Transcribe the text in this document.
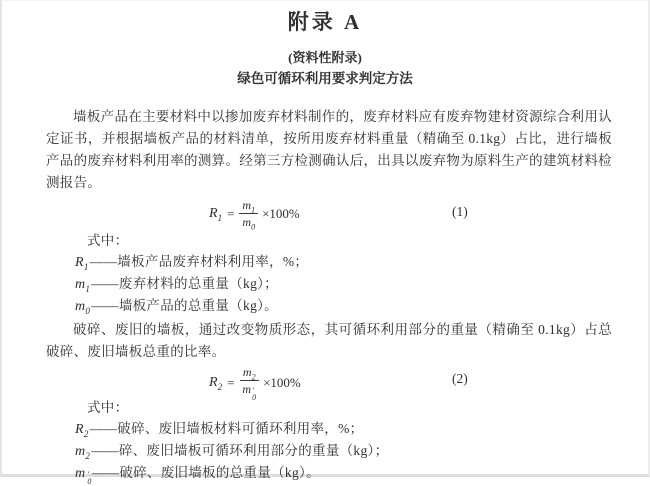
附录 A
(资料性附录)
绿色可循环利用要求判定方法

墙板产品在主要材料中以掺加废弃材料制作的，废弃材料应有废弃物建材资源综合利用认定证书，并根据墙板产品的材料清单，按所用废弃材料重量（精确至 0.1kg）占比，进行墙板产品的废弃材料利用率的测算。经第三方检测确认后，出具以废弃物为原料生产的建筑材料检测报告。

$R_1 = \frac{m_1}{m_0} \times 100\%$	(1)
式中：
$R_1——$墙板产品废弃材料利用率，%；
$m_1——$废弃材料的总重量（kg）；
$m_0——$墙板产品的总重量（kg）。

破碎、废旧的墙板，通过改变物质形态，其可循环利用部分的重量（精确至 0.1kg）占总破碎、废旧墙板总重的比率。

$R_2 = m_2$
m ′
0 ×100%	(2)
式中：
$R_2——$破碎、废旧墙板材料可循环利用率，%；
$m_2——$碎、废旧墙板可循环利用部分的重量（kg）；
m ′
0
——破碎、废旧墙板的总重量（kg）。
